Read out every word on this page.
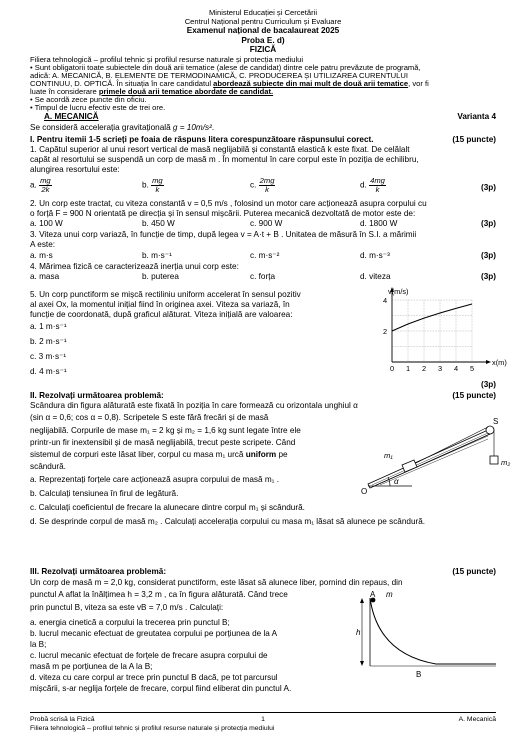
Ministerul Educației și Cercetării
Centrul Național pentru Curriculum și Evaluare
Examenul național de bacalaureat 2025
Proba E. d)
FIZICĂ
Filiera tehnologică – profilul tehnic și profilul resurse naturale și protecția mediului
• Sunt obligatorii toate subiectele din două arii tematice (alese de candidat) dintre cele patru prevăzute de programă,
adică: A. MECANICĂ, B. ELEMENTE DE TERMODINAMICĂ, C. PRODUCEREA ȘI UTILIZAREA CURENTULUI
CONTINUU, D. OPTICĂ. În situația în care candidatul abordează subiecte din mai mult de două arii tematice, vor fi
luate în considerare primele două arii tematice abordate de candidat.
• Se acordă zece puncte din oficiu.
• Timpul de lucru efectiv este de trei ore.
A. MECANICĂ	Varianta 4
Se consideră accelerația gravitațională g = 10m/s².
I. Pentru itemii 1-5 scrieți pe foaia de răspuns litera corespunzătoare răspunsului corect.	(15 puncte)
1. Capătul superior al unui resort vertical de masă neglijabilă și constantă elastică k este fixat. De celălalt
capăt al resortului se suspendă un corp de masă m . În momentul în care corpul este în poziția de echilibru,
alungirea resortului este:
a. $\frac{mg}{2k}$	b. $\frac{mg}{k}$	c. $\frac{2mg}{k}$	d. $\frac{4mg}{k}$	(3p)
2. Un corp este tractat, cu viteza constantă v = 0,5 m/s , folosind un motor care acționează asupra corpului cu
o forță F = 900 N orientată pe direcția și în sensul mișcării. Puterea mecanică dezvoltată de motor este de:
a. 100 W	b. 450 W	c. 900 W	d. 1800 W	(3p)
3. Viteza unui corp variază, în funcție de timp, după legea v = A·t + B . Unitatea de măsură în S.I. a mărimii
A este:
a. m·s	b. m·s⁻¹	c. m·s⁻²	d. m·s⁻³	(3p)
4. Mărimea fizică ce caracterizează inerția unui corp este:
a. masa	b. puterea	c. forța	d. viteza	(3p)
5. Un corp punctiform se mișcă rectiliniu uniform accelerat în sensul pozitiv
al axei Ox, la momentul inițial fiind în originea axei. Viteza sa variază, în
funcție de coordonată, după graficul alăturat. Viteza inițială are valoarea:
a. 1 m·s⁻¹
b. 2 m·s⁻¹
c. 3 m·s⁻¹
d. 4 m·s⁻¹
(3p)
0 1 2 3 4 5
2
4
v(m/s)
x(m)
II. Rezolvați următoarea problemă:	(15 puncte)
Scândura din figura alăturată este fixată în poziția în care formează cu orizontala unghiul α
(sin α = 0,6; cos α = 0,8). Scripetele S este fără frecări și de masă
neglijabilă. Corpurile de mase m₁ = 2 kg și m₂ = 1,6 kg sunt legate între ele
printr-un fir inextensibil și de masă neglijabilă, trecut peste scripete. Când
sistemul de corpuri este lăsat liber, corpul cu masa m₁ urcă uniform pe
scândură.
a. Reprezentați forțele care acționează asupra corpului de masă m₁ .
b. Calculați tensiunea în firul de legătură.
c. Calculați coeficientul de frecare la alunecare dintre corpul m₁ și scândură.
d. Se desprinde corpul de masă m₂ . Calculați accelerația corpului cu masa m₁ lăsat să alunece pe scândură.
S
m₁
m₂
O
α
III. Rezolvați următoarea problemă:	(15 puncte)
Un corp de masă m = 2,0 kg, considerat punctiform, este lăsat să alunece liber, pornind din repaus, din
punctul A aflat la înălțimea h = 3,2 m , ca în figura alăturată. Când trece
prin punctul B, viteza sa este vB = 7,0 m/s . Calculați:
a. energia cinetică a corpului la trecerea prin punctul B;
b. lucrul mecanic efectuat de greutatea corpului pe porțiunea de la A
la B;
c. lucrul mecanic efectuat de forțele de frecare asupra corpului de
masă m pe porțiunea de la A la B;
d. viteza cu care corpul ar trece prin punctul B dacă, pe tot parcursul
mișcării, s-ar neglija forțele de frecare, corpul fiind eliberat din punctul A.
A m
h
B
Probă scrisă la Fizică	1	A. Mecanică
Filiera tehnologică – profilul tehnic și profilul resurse naturale și protecția mediului
